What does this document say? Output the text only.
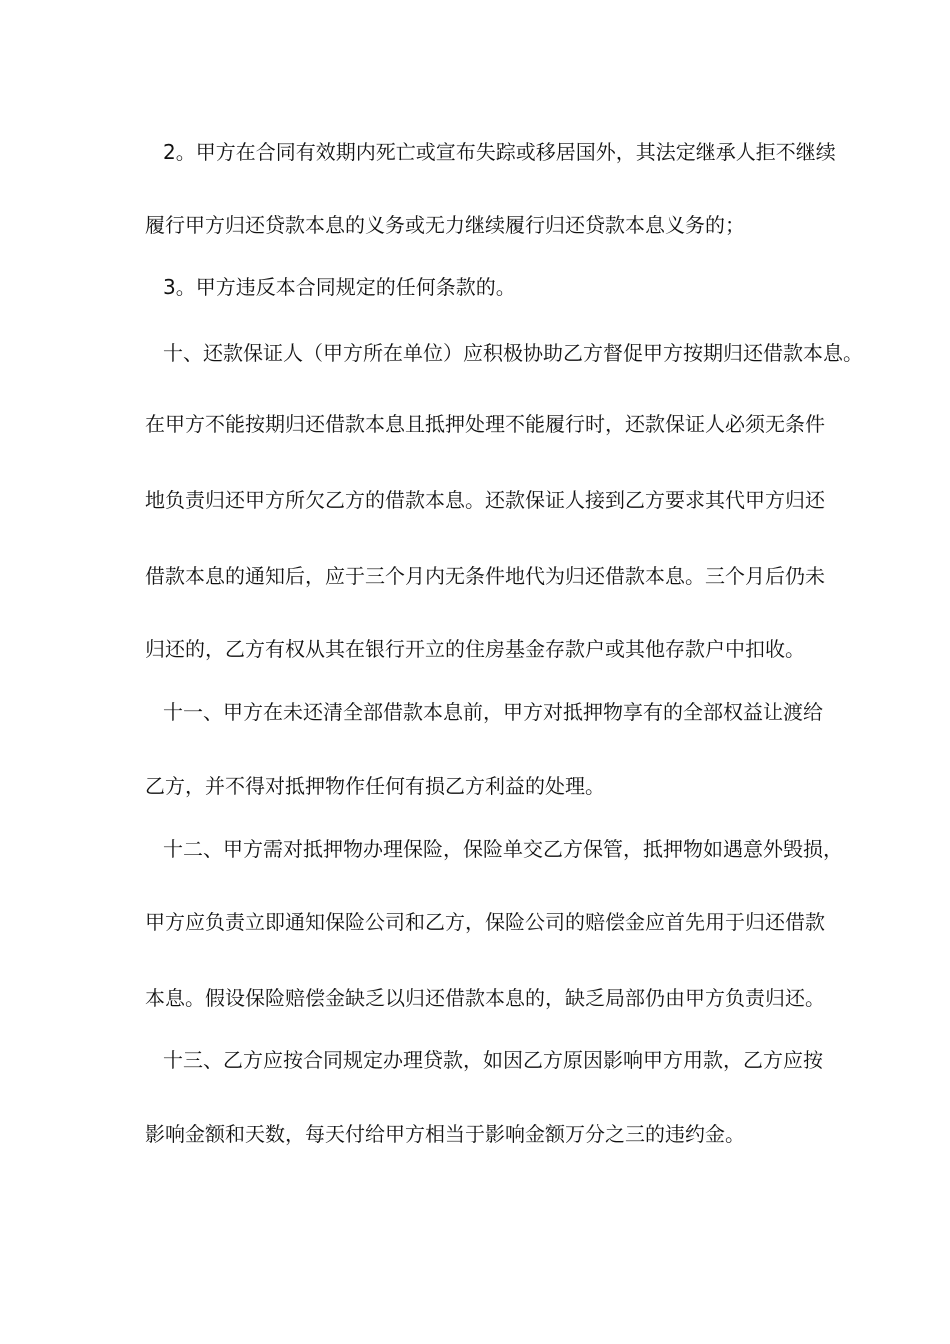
2。甲方在合同有效期内死亡或宣布失踪或移居国外，其法定继承人拒不继续
履行甲方归还贷款本息的义务或无力继续履行归还贷款本息义务的；
3。甲方违反本合同规定的任何条款的。
十、还款保证人（甲方所在单位）应积极协助乙方督促甲方按期归还借款本息。
在甲方不能按期归还借款本息且抵押处理不能履行时，还款保证人必须无条件
地负责归还甲方所欠乙方的借款本息。还款保证人接到乙方要求其代甲方归还
借款本息的通知后，应于三个月内无条件地代为归还借款本息。三个月后仍未
归还的，乙方有权从其在银行开立的住房基金存款户或其他存款户中扣收。
十一、甲方在未还清全部借款本息前，甲方对抵押物享有的全部权益让渡给
乙方，并不得对抵押物作任何有损乙方利益的处理。
十二、甲方需对抵押物办理保险，保险单交乙方保管，抵押物如遇意外毁损，
甲方应负责立即通知保险公司和乙方，保险公司的赔偿金应首先用于归还借款
本息。假设保险赔偿金缺乏以归还借款本息的，缺乏局部仍由甲方负责归还。
十三、乙方应按合同规定办理贷款，如因乙方原因影响甲方用款，乙方应按
影响金额和天数，每天付给甲方相当于影响金额万分之三的违约金。
